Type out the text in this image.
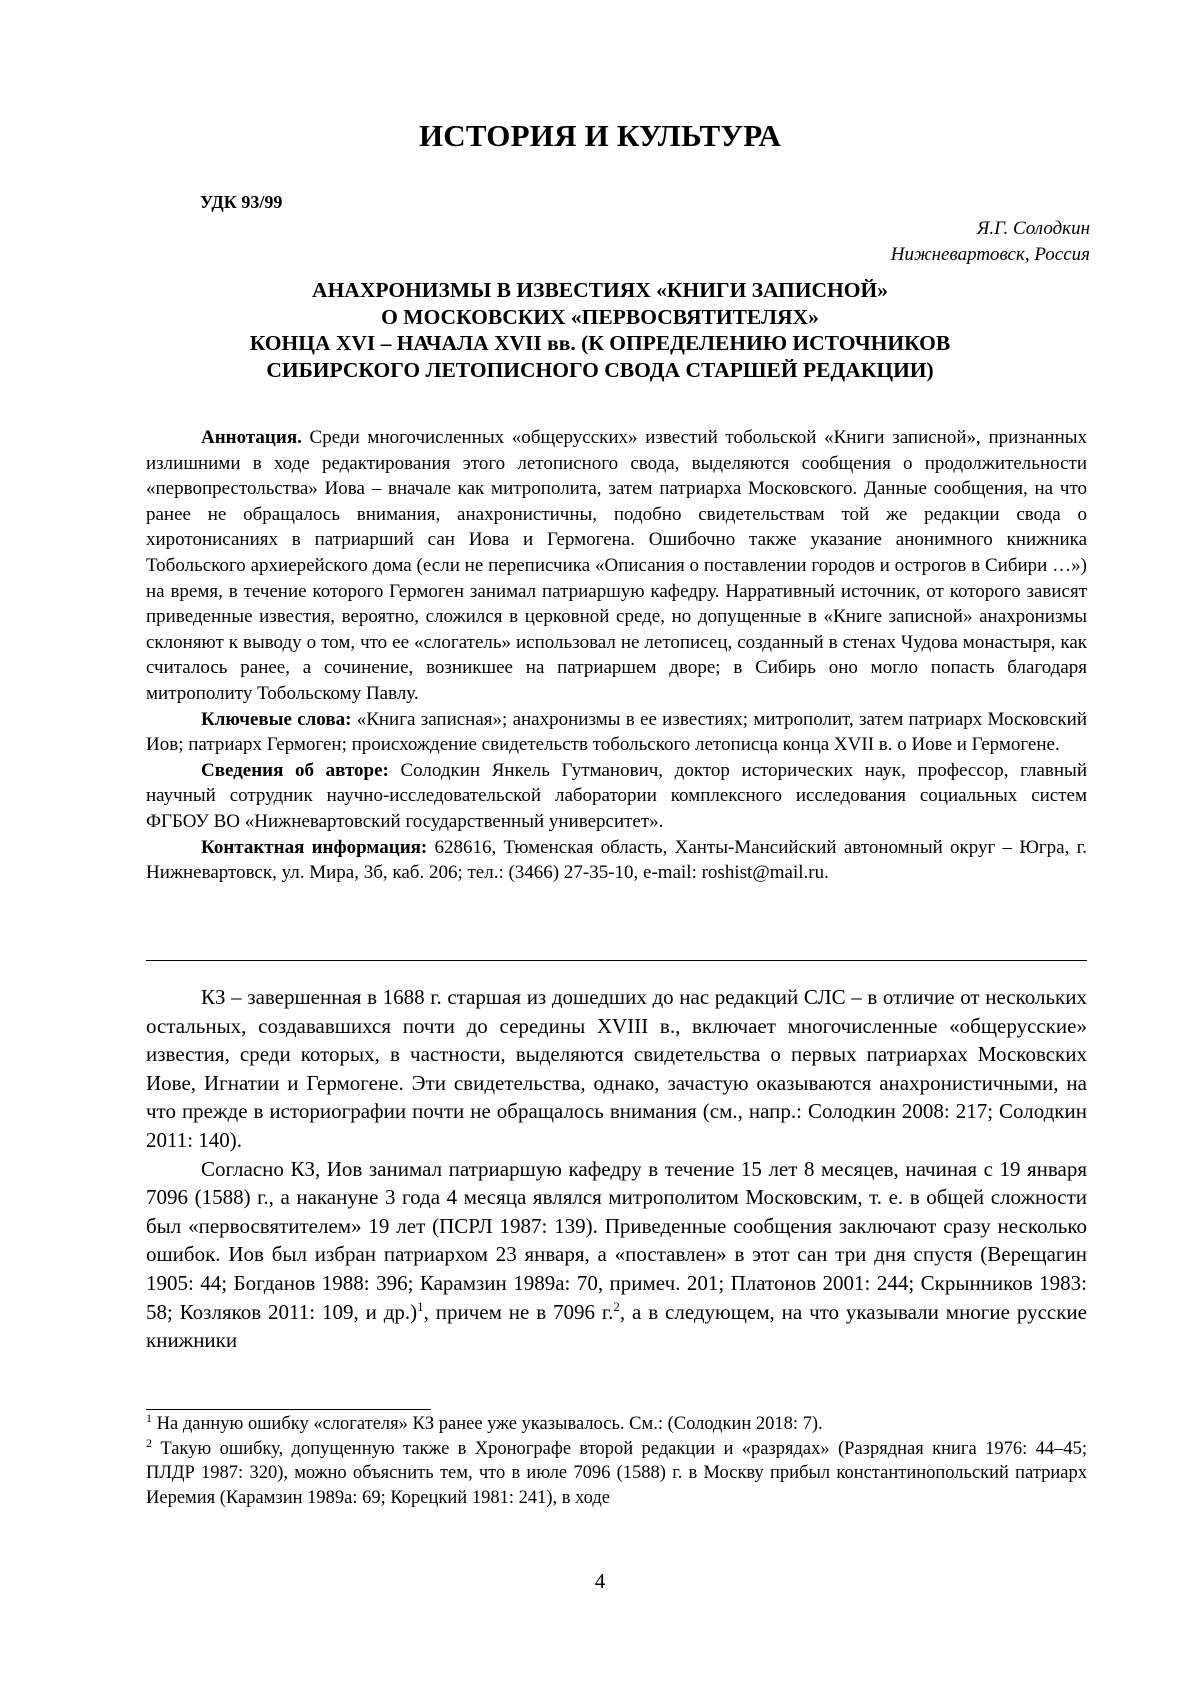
ИСТОРИЯ И КУЛЬТУРА
УДК 93/99
Я.Г. Солодкин
Нижневартовск, Россия
АНАХРОНИЗМЫ В ИЗВЕСТИЯХ «КНИГИ ЗАПИСНОЙ»
О МОСКОВСКИХ «ПЕРВОСВЯТИТЕЛЯХ»
КОНЦА XVI – НАЧАЛА XVII вв. (К ОПРЕДЕЛЕНИЮ ИСТОЧНИКОВ
СИБИРСКОГО ЛЕТОПИСНОГО СВОДА СТАРШЕЙ РЕДАКЦИИ)

Аннотация. Среди многочисленных «общерусских» известий тобольской «Книги записной», признанных излишними в ходе редактирования этого летописного свода, выделяются сообщения о продолжительности «первопрестольства» Иова – вначале как митрополита, затем патриарха Московского. Данные сообщения, на что ранее не обращалось внимания, анахронистичны, подобно свидетельствам той же редакции свода о хиротонисаниях в патриарший сан Иова и Гермогена. Ошибочно также указание анонимного книжника Тобольского архиерейского дома (если не переписчика «Описания о поставлении городов и острогов в Сибири …») на время, в течение которого Гермоген занимал патриаршую кафедру. Нарративный источник, от которого зависят приведенные известия, вероятно, сложился в церковной среде, но допущенные в «Книге записной» анахронизмы склоняют к выводу о том, что ее «слогатель» использовал не летописец, созданный в стенах Чудова монастыря, как считалось ранее, а сочинение, возникшее на патриаршем дворе; в Сибирь оно могло попасть благодаря митрополиту Тобольскому Павлу.

Ключевые слова: «Книга записная»; анахронизмы в ее известиях; митрополит, затем патриарх Московский Иов; патриарх Гермоген; происхождение свидетельств тобольского летописца конца XVII в. о Иове и Гермогене.

Сведения об авторе: Солодкин Янкель Гутманович, доктор исторических наук, профессор, главный научный сотрудник научно-исследовательской лаборатории комплексного исследования социальных систем ФГБОУ ВО «Нижневартовский государственный университет».

Контактная информация: 628616, Тюменская область, Ханты-Мансийский автономный округ – Югра, г. Нижневартовск, ул. Мира, 3б, каб. 206; тел.: (3466) 27-35-10, e-mail: roshist@mail.ru.

КЗ – завершенная в 1688 г. старшая из дошедших до нас редакций СЛС – в отличие от нескольких остальных, создававшихся почти до середины XVIII в., включает многочисленные «общерусские» известия, среди которых, в частности, выделяются свидетельства о первых патриархах Московских Иове, Игнатии и Гермогене. Эти свидетельства, однако, зачастую оказываются анахронистичными, на что прежде в историографии почти не обращалось внимания (см., напр.: Солодкин 2008: 217; Солодкин 2011: 140).

Согласно КЗ, Иов занимал патриаршую кафедру в течение 15 лет 8 месяцев, начиная с 19 января 7096 (1588) г., а накануне 3 года 4 месяца являлся митрополитом Московским, т. е. в общей сложности был «первосвятителем» 19 лет (ПСРЛ 1987: 139). Приведенные сообщения заключают сразу несколько ошибок. Иов был избран патриархом 23 января, а «поставлен» в этот сан три дня спустя (Верещагин 1905: 44; Богданов 1988: 396; Карамзин 1989а: 70, примеч. 201; Платонов 2001: 244; Скрынников 1983: 58; Козляков 2011: 109, и др.)$^1$, причем не в 7096 г.$^2$, а в следующем, на что указывали многие русские книжники

$^1$ На данную ошибку «слогателя» КЗ ранее уже указывалось. См.: (Солодкин 2018: 7).

$^2$ Такую ошибку, допущенную также в Хронографе второй редакции и «разрядах» (Разрядная книга 1976: 44–45; ПЛДР 1987: 320), можно объяснить тем, что в июле 7096 (1588) г. в Москву прибыл константинопольский патриарх Иеремия (Карамзин 1989а: 69; Корецкий 1981: 241), в ходе

4
